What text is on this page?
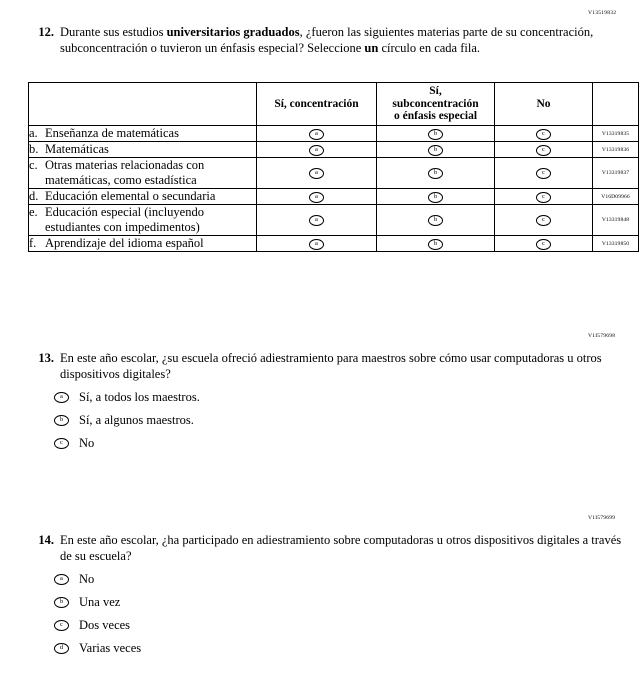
V13519832
12. Durante sus estudios universitarios graduados, ¿fueron las siguientes materias parte de su concentración, subconcentración o tuvieron un énfasis especial? Seleccione un círculo en cada fila.
	Sí, concentración	Sí,
subconcentración
o énfasis especial	No	

a. Enseñanza de matemáticas	a	b	c	V13319835

b. Matemáticas	a	b	c	V13319836

c. Otras materias relacionadas con matemáticas, como estadística	a	b	c	V13319837

d. Educación elemental o secundaria	a	b	c	V16D09966

e. Educación especial (incluyendo estudiantes con impedimentos)	a	b	c	V13319848

f. Aprendizaje del idioma español	a	b	c	V13319850
V1I579698
13. En este año escolar, ¿su escuela ofreció adiestramiento para maestros sobre cómo usar computadoras u otros dispositivos digitales?
a	Sí, a todos los maestros.
b	Sí, a algunos maestros.
c	No
V1I579699
14. En este año escolar, ¿ha participado en adiestramiento sobre computadoras u otros dispositivos digitales a través de su escuela?
a	No
b	Una vez
c	Dos veces
d	Varias veces
